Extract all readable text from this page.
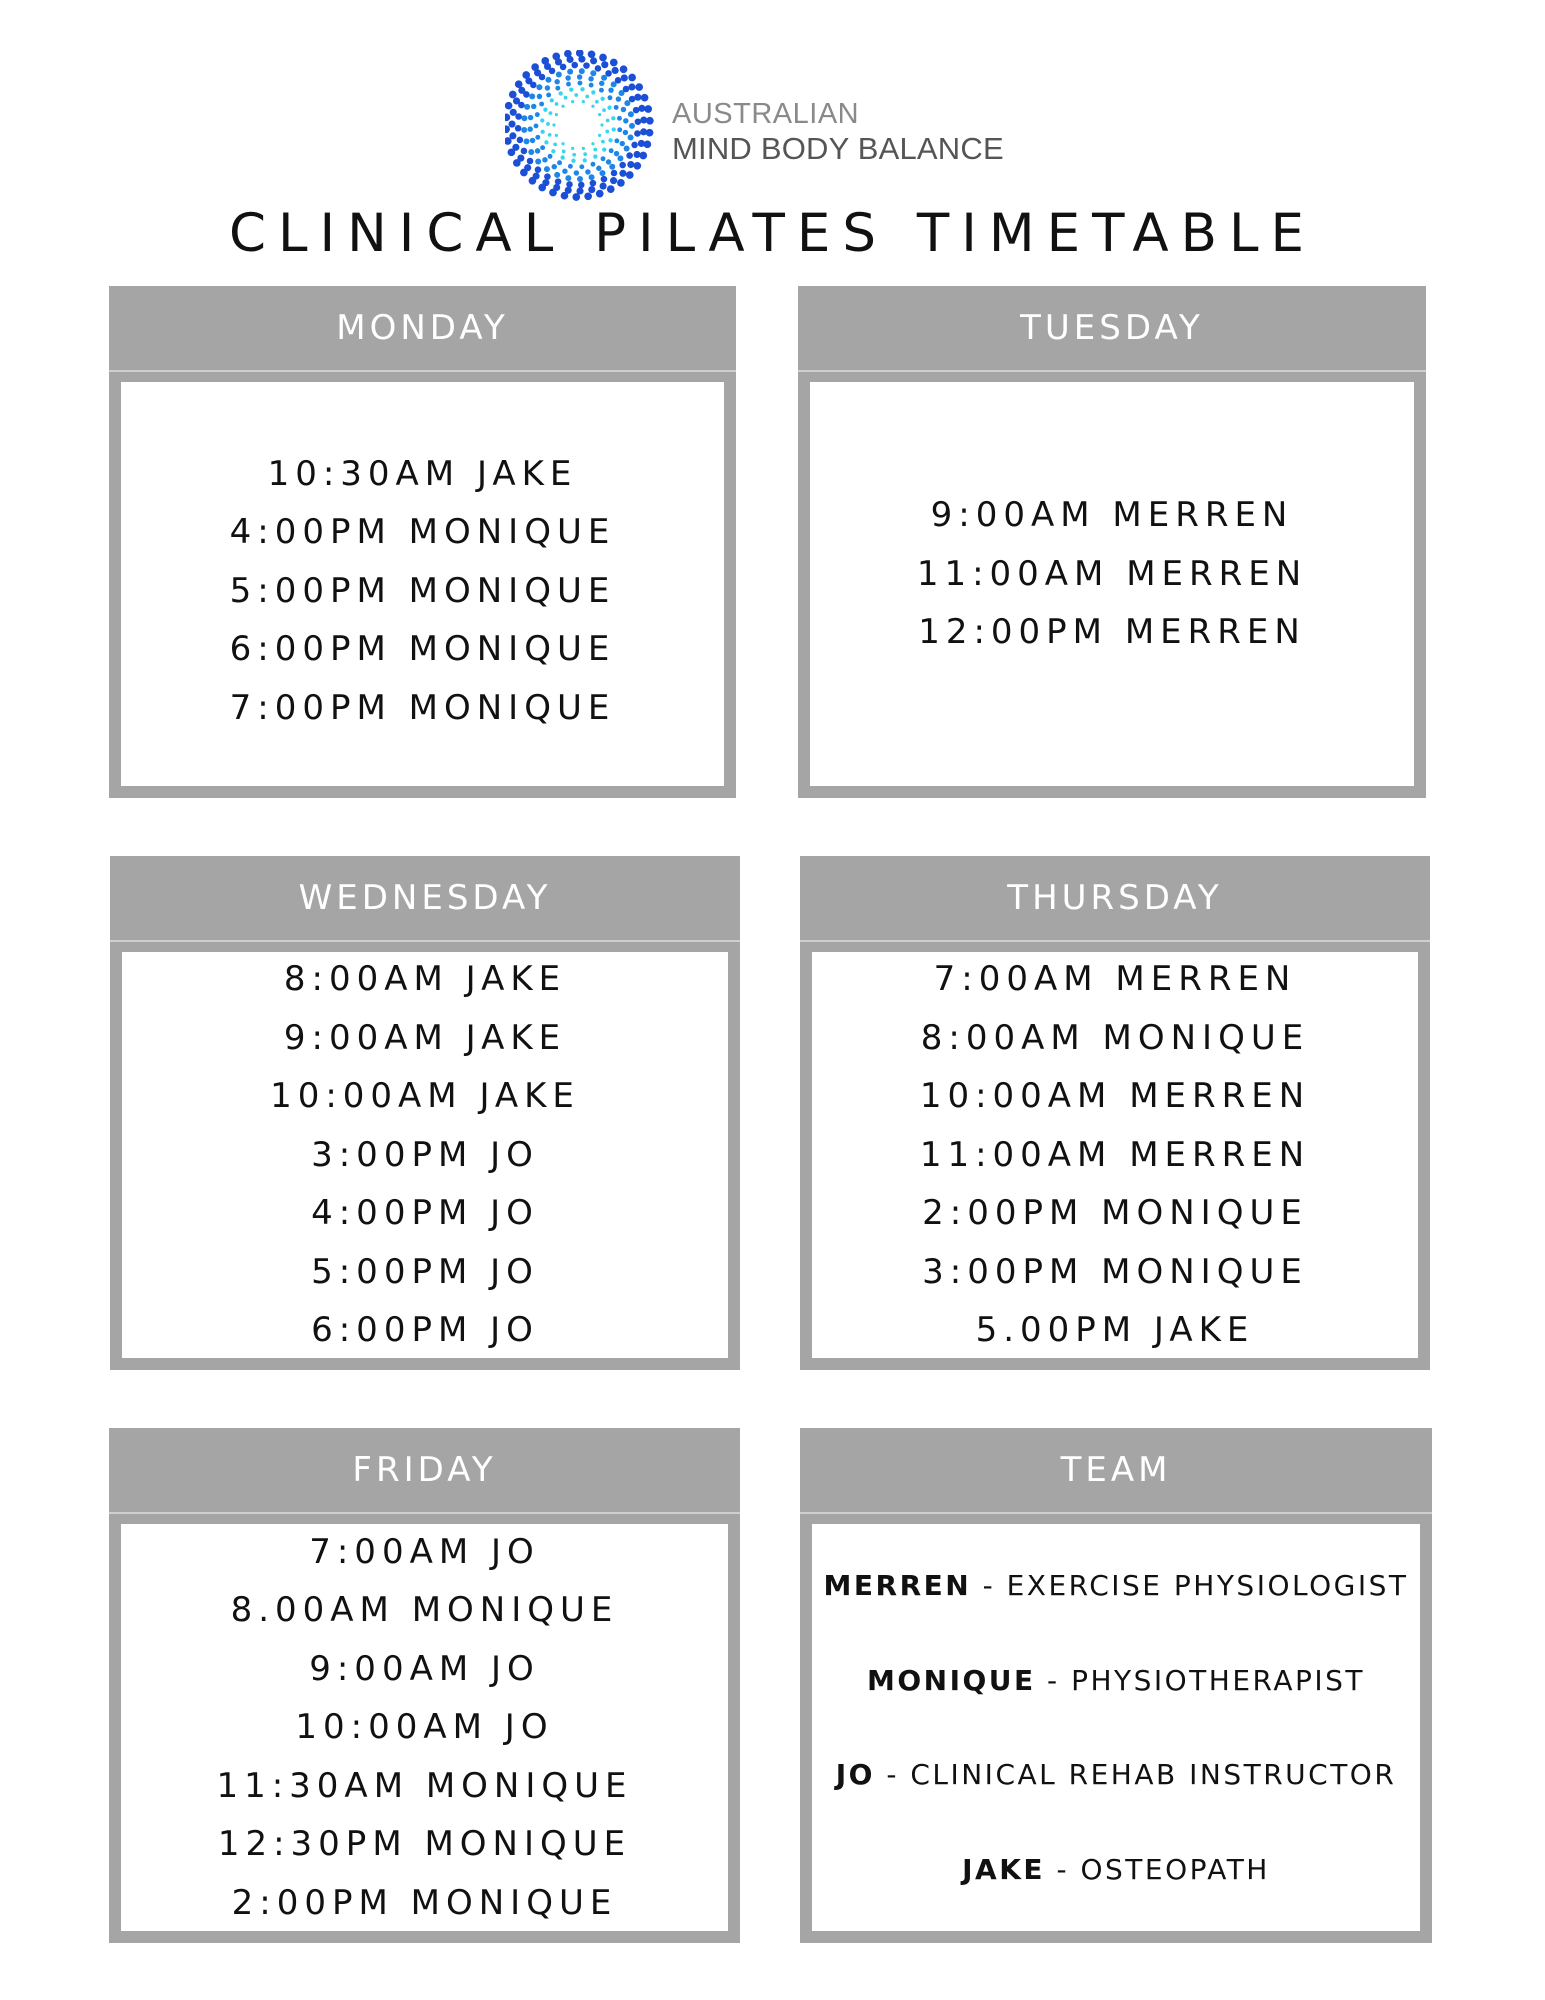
AUSTRALIAN
MIND BODY BALANCE
CLINICAL PILATES TIMETABLE
MONDAY
10:30AM JAKE
4:00PM MONIQUE
5:00PM MONIQUE
6:00PM MONIQUE
7:00PM MONIQUE
TUESDAY
9:00AM MERREN
11:00AM MERREN
12:00PM MERREN
WEDNESDAY
8:00AM JAKE
9:00AM JAKE
10:00AM JAKE
3:00PM JO
4:00PM JO
5:00PM JO
6:00PM JO
THURSDAY
7:00AM MERREN
8:00AM MONIQUE
10:00AM MERREN
11:00AM MERREN
2:00PM MONIQUE
3:00PM MONIQUE
5.00PM JAKE
FRIDAY
7:00AM JO
8.00AM MONIQUE
9:00AM JO
10:00AM JO
11:30AM MONIQUE
12:30PM MONIQUE
2:00PM MONIQUE
TEAM
MERREN - EXERCISE PHYSIOLOGIST
MONIQUE - PHYSIOTHERAPIST
JO - CLINICAL REHAB INSTRUCTOR
JAKE - OSTEOPATH
